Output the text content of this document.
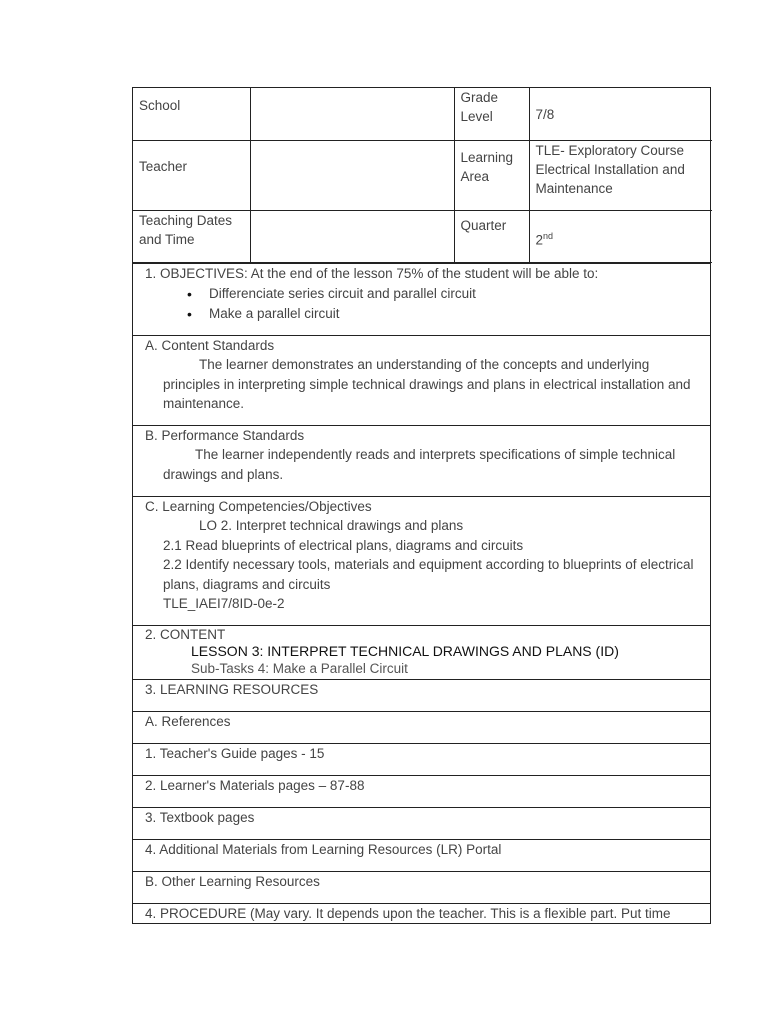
School		Grade Level	7/8
Teacher		Learning Area	TLE- Exploratory Course
Electrical Installation and Maintenance

Teaching Dates and Time		Quarter	2nd
1. OBJECTIVES: At the end of the lesson 75% of the student will be able to:
• Differenciate series circuit and parallel circuit
• Make a parallel circuit
A. Content Standards
The learner demonstrates an understanding of the concepts and underlying principles in interpreting simple technical drawings and plans in electrical installation and maintenance.
B. Performance Standards
The learner independently reads and interprets specifications of simple technical drawings and plans.
C. Learning Competencies/Objectives
LO 2. Interpret technical drawings and plans
2.1 Read blueprints of electrical plans, diagrams and circuits
2.2 Identify necessary tools, materials and equipment according to blueprints of electrical plans, diagrams and circuits
TLE_IAEI7/8ID-0e-2
2. CONTENT
LESSON 3: INTERPRET TECHNICAL DRAWINGS AND PLANS (ID)
Sub-Tasks 4: Make a Parallel Circuit
3. LEARNING RESOURCES
A. References
1. Teacher's Guide pages - 15
2. Learner's Materials pages – 87-88
3. Textbook pages
4. Additional Materials from Learning Resources (LR) Portal
B. Other Learning Resources
4. PROCEDURE (May vary. It depends upon the teacher. This is a flexible part. Put time
